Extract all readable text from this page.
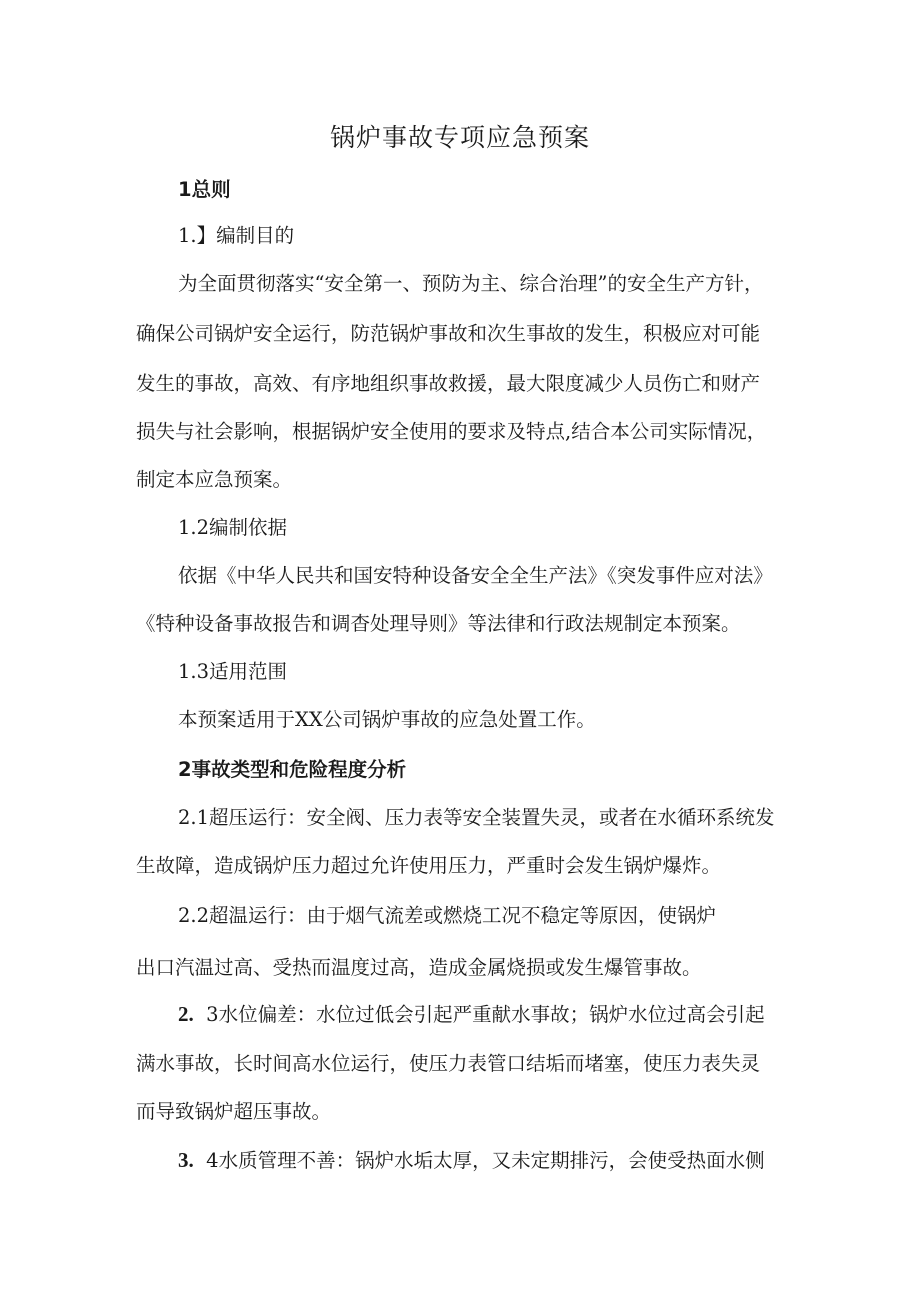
锅炉事故专项应急预案

1总则

1.】编制目的

为全面贯彻落实“安全第一、预防为主、综合治理”的安全生产方针，

确保公司锅炉安全运行，防范锅炉事故和次生事故的发生，积极应对可能

发生的事故，高效、有序地组织事故救援，最大限度减少人员伤亡和财产

损失与社会影响，根据锅炉安全使用的要求及特点,结合本公司实际情况，

制定本应急预案。

1.2编制依据

依据《中华人民共和国安特种设备安全全生产法》《突发事件应对法》

《特种设备事故报告和调杳处理导则》等法律和行政法规制定本预案。

1.3适用范围

本预案适用于XX公司锅炉事故的应急处置工作。

2事故类型和危险程度分析

2.1超压运行：安全阀、压力表等安全装置失灵，或者在水循环系统发

生故障，造成锅炉压力超过允许使用压力，严重时会发生锅炉爆炸。

2.2超温运行：由于烟气流差或燃烧工况不稳定等原因，使锅炉

出口汽温过高、受热而温度过高，造成金属烧损或发生爆管事故。

2. 3水位偏差：水位过低会引起严重献水事故；锅炉水位过高会引起

满水事故，长时间高水位运行，使压力表管口结垢而堵塞，使压力表失灵

而导致锅炉超压事故。

3. 4水质管理不善：锅炉水垢太厚，又未定期排污，会使受热面水侧
